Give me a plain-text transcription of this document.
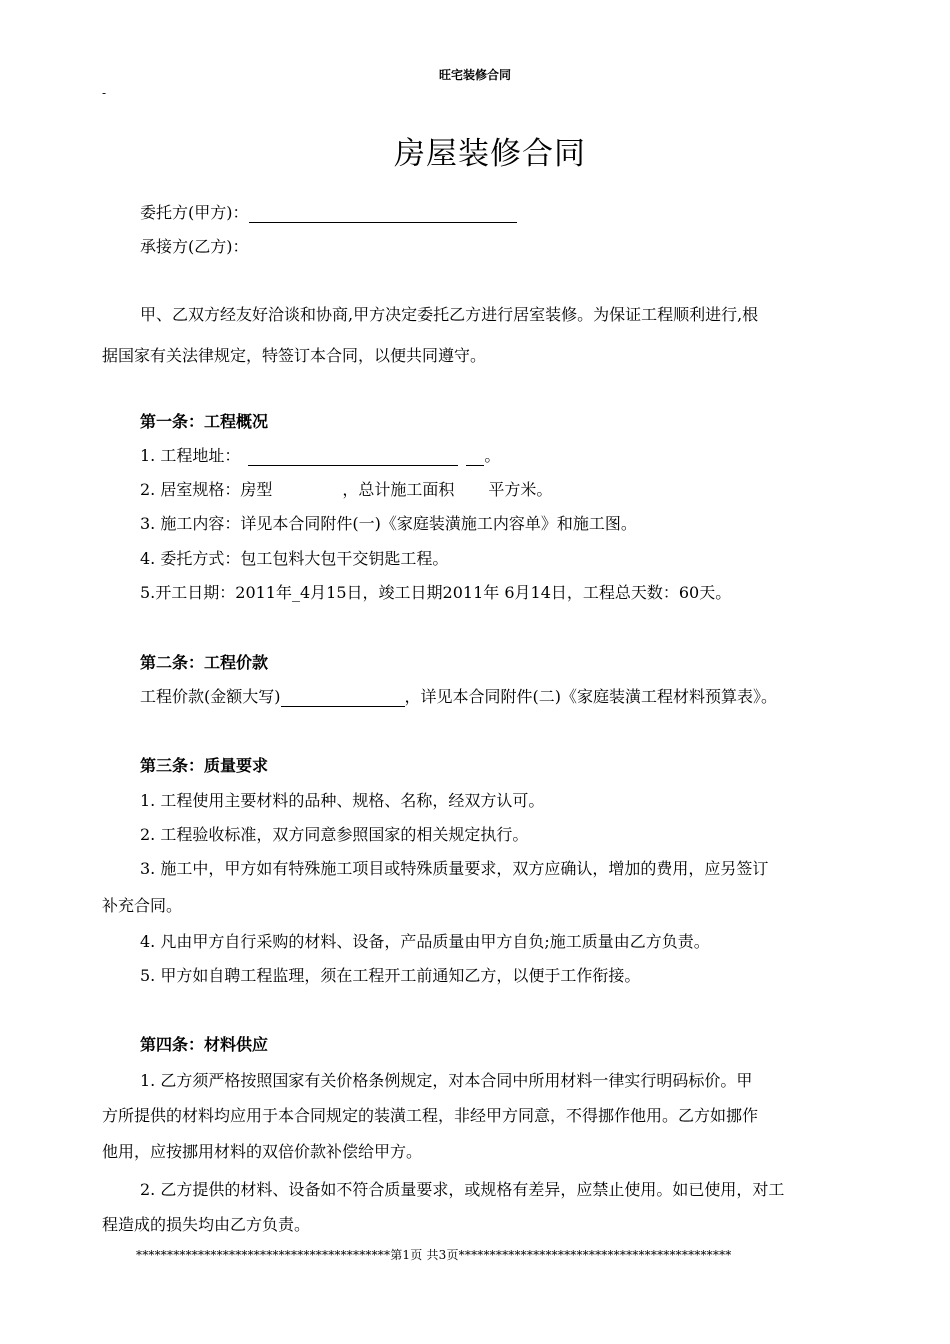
旺宅装修合同
-
房屋装修合同
委托方(甲方)：
承接方(乙方)：
甲、乙双方经友好洽谈和协商,甲方决定委托乙方进行居室装修。为保证工程顺利进行,根
据国家有关法律规定，特签订本合同，以便共同遵守。
第一条：工程概况
1. 工程地址：	。
2. 居室规格：房型	，总计施工面积 平方米。
3. 施工内容：详见本合同附件(一)《家庭装潢施工内容单》和施工图。
4. 委托方式：包工包料大包干交钥匙工程。
5.开工日期：2011年_4月15日，竣工日期2011年 6月14日，工程总天数：60天。
第二条：工程价款
工程价款(金额大写)	，详见本合同附件(二)《家庭装潢工程材料预算表》。
第三条：质量要求
1. 工程使用主要材料的品种、规格、名称，经双方认可。
2. 工程验收标准，双方同意参照国家的相关规定执行。
3. 施工中，甲方如有特殊施工项目或特殊质量要求，双方应确认，增加的费用，应另签订
补充合同。
4. 凡由甲方自行采购的材料、设备，产品质量由甲方自负;施工质量由乙方负责。
5. 甲方如自聘工程监理，须在工程开工前通知乙方，以便于工作衔接。
第四条：材料供应
1. 乙方须严格按照国家有关价格条例规定，对本合同中所用材料一律实行明码标价。甲
方所提供的材料均应用于本合同规定的装潢工程，非经甲方同意，不得挪作他用。乙方如挪作
他用，应按挪用材料的双倍价款补偿给甲方。
2. 乙方提供的材料、设备如不符合质量要求，或规格有差异，应禁止使用。如已使用，对工
程造成的损失均由乙方负责。
*****************************************第1页 共3页********************************************
